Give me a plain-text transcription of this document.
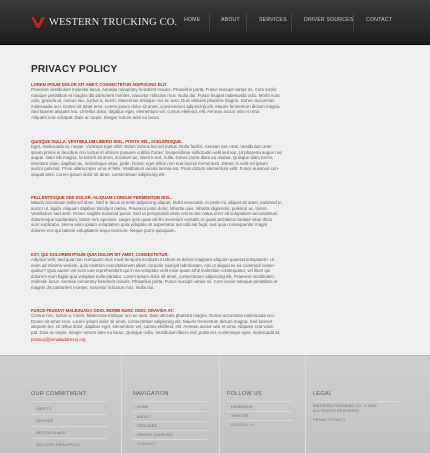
WESTERN TRUCKING CO. HOME	ABOUT	SERVICES	DRIVER SOURCES CONTACT
PRIVACY POLICY
LOREM IPSUM DOLOR SIT AMET, CONSECTETUR ADIPISCING ELIT.
Praesent vestibulum molestie lacus. Aenean nonummy hendrerit mauris. Phasellus porta. Fusce suscipit varius mi. Cum sociis
natoque penatibus et magnis dis parturient montes, nascetur ridiculus mus. Nulla dui. Fusce feugiat malesuada odio. Morbi nunc
odio, gravida at, cursus nec, luctus a, lorem. Maecenas tristique orci ac sem. Duis ultricies pharetra magna. Donec accumsan
malesuada orci. Donec sit amet eros. Lorem ipsum dolor sit amet, consectetuer adipiscing elit. Mauris fermentum dictum magna.
Sed laoreet aliquam leo. Ut tellus dolor, dapibus eget, elementum vel, cursus eleifend, elit. Aenean auctor wisi et urna.
Aliquam erat volutpat. Duis ac turpis. Integer rutrum ante eu lacus.
QUISQUE NULLA. VESTIBULUM LIBERO NISL, PORTA VEL, SCELERISQUE.
Eget, malesuada at, neque. Vivamus eget nibh. Etiam cursus leo vel metus. Nulla facilisi. Aenean nec eros. Vestibulum ante
ipsum primis in faucibus orci luctus et ultrices posuere cubilia Curae; Suspendisse sollicitudin velit sed leo. Ut pharetra augue nec
augue. Nam elit magna, hendrerit sit amet, tincidunt ac, viverra sed, nulla. Donec porta diam eu massa. Quisque diam lorem,
interdum vitae, dapibus ac, scelerisque vitae, pede. Donec eget tellus non erat lacinia fermentum. Donec in velit vel ipsum
auctor pulvinar. Proin ullamcorper urna et felis. Vestibulum iaculis lacinia est. Proin dictum elementum velit. Fusce euismod con-
sequat ante. Lorem ipsum dolor sit amet, consectetuer adipiscing elit.
PELLENTESQUE SED DOLOR. ALIQUAM CONGUE FERMENTUM NISL.
Mauris accumsan nulla vel diam. Sed in lacus ut enim adipiscing aliquet. Nulla venenatis. In pede mi, aliquet sit amet, euismod in,
auctor ut, ligula. Aliquam dapibus tincidunt metus. Praesent justo dolor, lobortis quis, lobortis dignissim, pulvinar ac, lorem.
Vestibulum sed ante. Donec sagittis euismod purus. Sed ut perspiciatis unde omnis iste natus error sit voluptatem accusantium
doloremque laudantium, totam rem aperiam, eaque ipsa quae ab illo inventore veritatis et quasi architecto beatae vitae dicta
sunt explicabo. Nemo enim ipsam voluptatem quia voluptas sit aspernatur aut odit aut fugit, sed quia consequuntur magni
dolores eos qui ratione voluptatem sequi nesciunt. Neque porro quisquam.
EST, QUI DOLOREM IPSUM QUIA DOLOR SIT AMET, CONSECTETUR.
Adipisci velit, sed quia non numquam eius modi tempora incidunt ut labore et dolore magnam aliquam quaerat voluptatem. Ut
enim ad minima veniam, quis nostrum exercitationem ullam corporis suscipit laboriosam, nisi ut aliquid ex ea commodi conse-
quatur? Quis autem vel eum iure reprehenderit qui in ea voluptate velit esse quam nihil molestiae consequatur, vel illum qui
dolorem eum fugiat quo voluptas nulla pariatur. Lorem ipsum dolor sit amet, consectetuer adipiscing elit. Praesent vestibulum
molestie lacus. Aenean nonummy hendrerit mauris. Phasellus porta. Fusce suscipit varius mi. Cum sociis natoque penatibus et
magnis dis parturient montes, nascetur ridiculus mus. Nulla dui.
FUSCE FEUGIAT MALESUADA ODIO. MORBI NUNC ODIO, GRAVIDA AT.
Cursus nec, luctus a, lorem. Maecenas tristique orci ac sem. Duis ultricies pharetra magna. Donec accumsan malesuada orci.
Donec sit amet eros. Lorem ipsum dolor sit amet, consectetuer adipiscing elit. Mauris fermentum dictum magna. Sed laoreet
aliquam leo. Ut tellus dolor, dapibus eget, elementum vel, cursus eleifend, elit. Aenean auctor wisi et urna. Aliquam erat volut-
pat. Duis ac turpis. Integer rutrum ante eu lacus. Quisque nulla. Vestibulum libero nisl, porta vel, scelerisque eget, malesuada at,
privacy@[emailaddress].org
OUR COMMITMENT
SAFETY
SERVICE
BEST IN CLASS
SUCCESS PRINCIPLES
NAVIGATION
HOME
ABOUT
SERVICES
DRIVER SOURCES
CONTACT
FOLLOW US
FACEBOOK
TWITTER
GOOGLE +1
LEGAL
WESTERN TRUCKING CO. © 2012
ALL RIGHTS RESERVED
PRIVACY POLICY
